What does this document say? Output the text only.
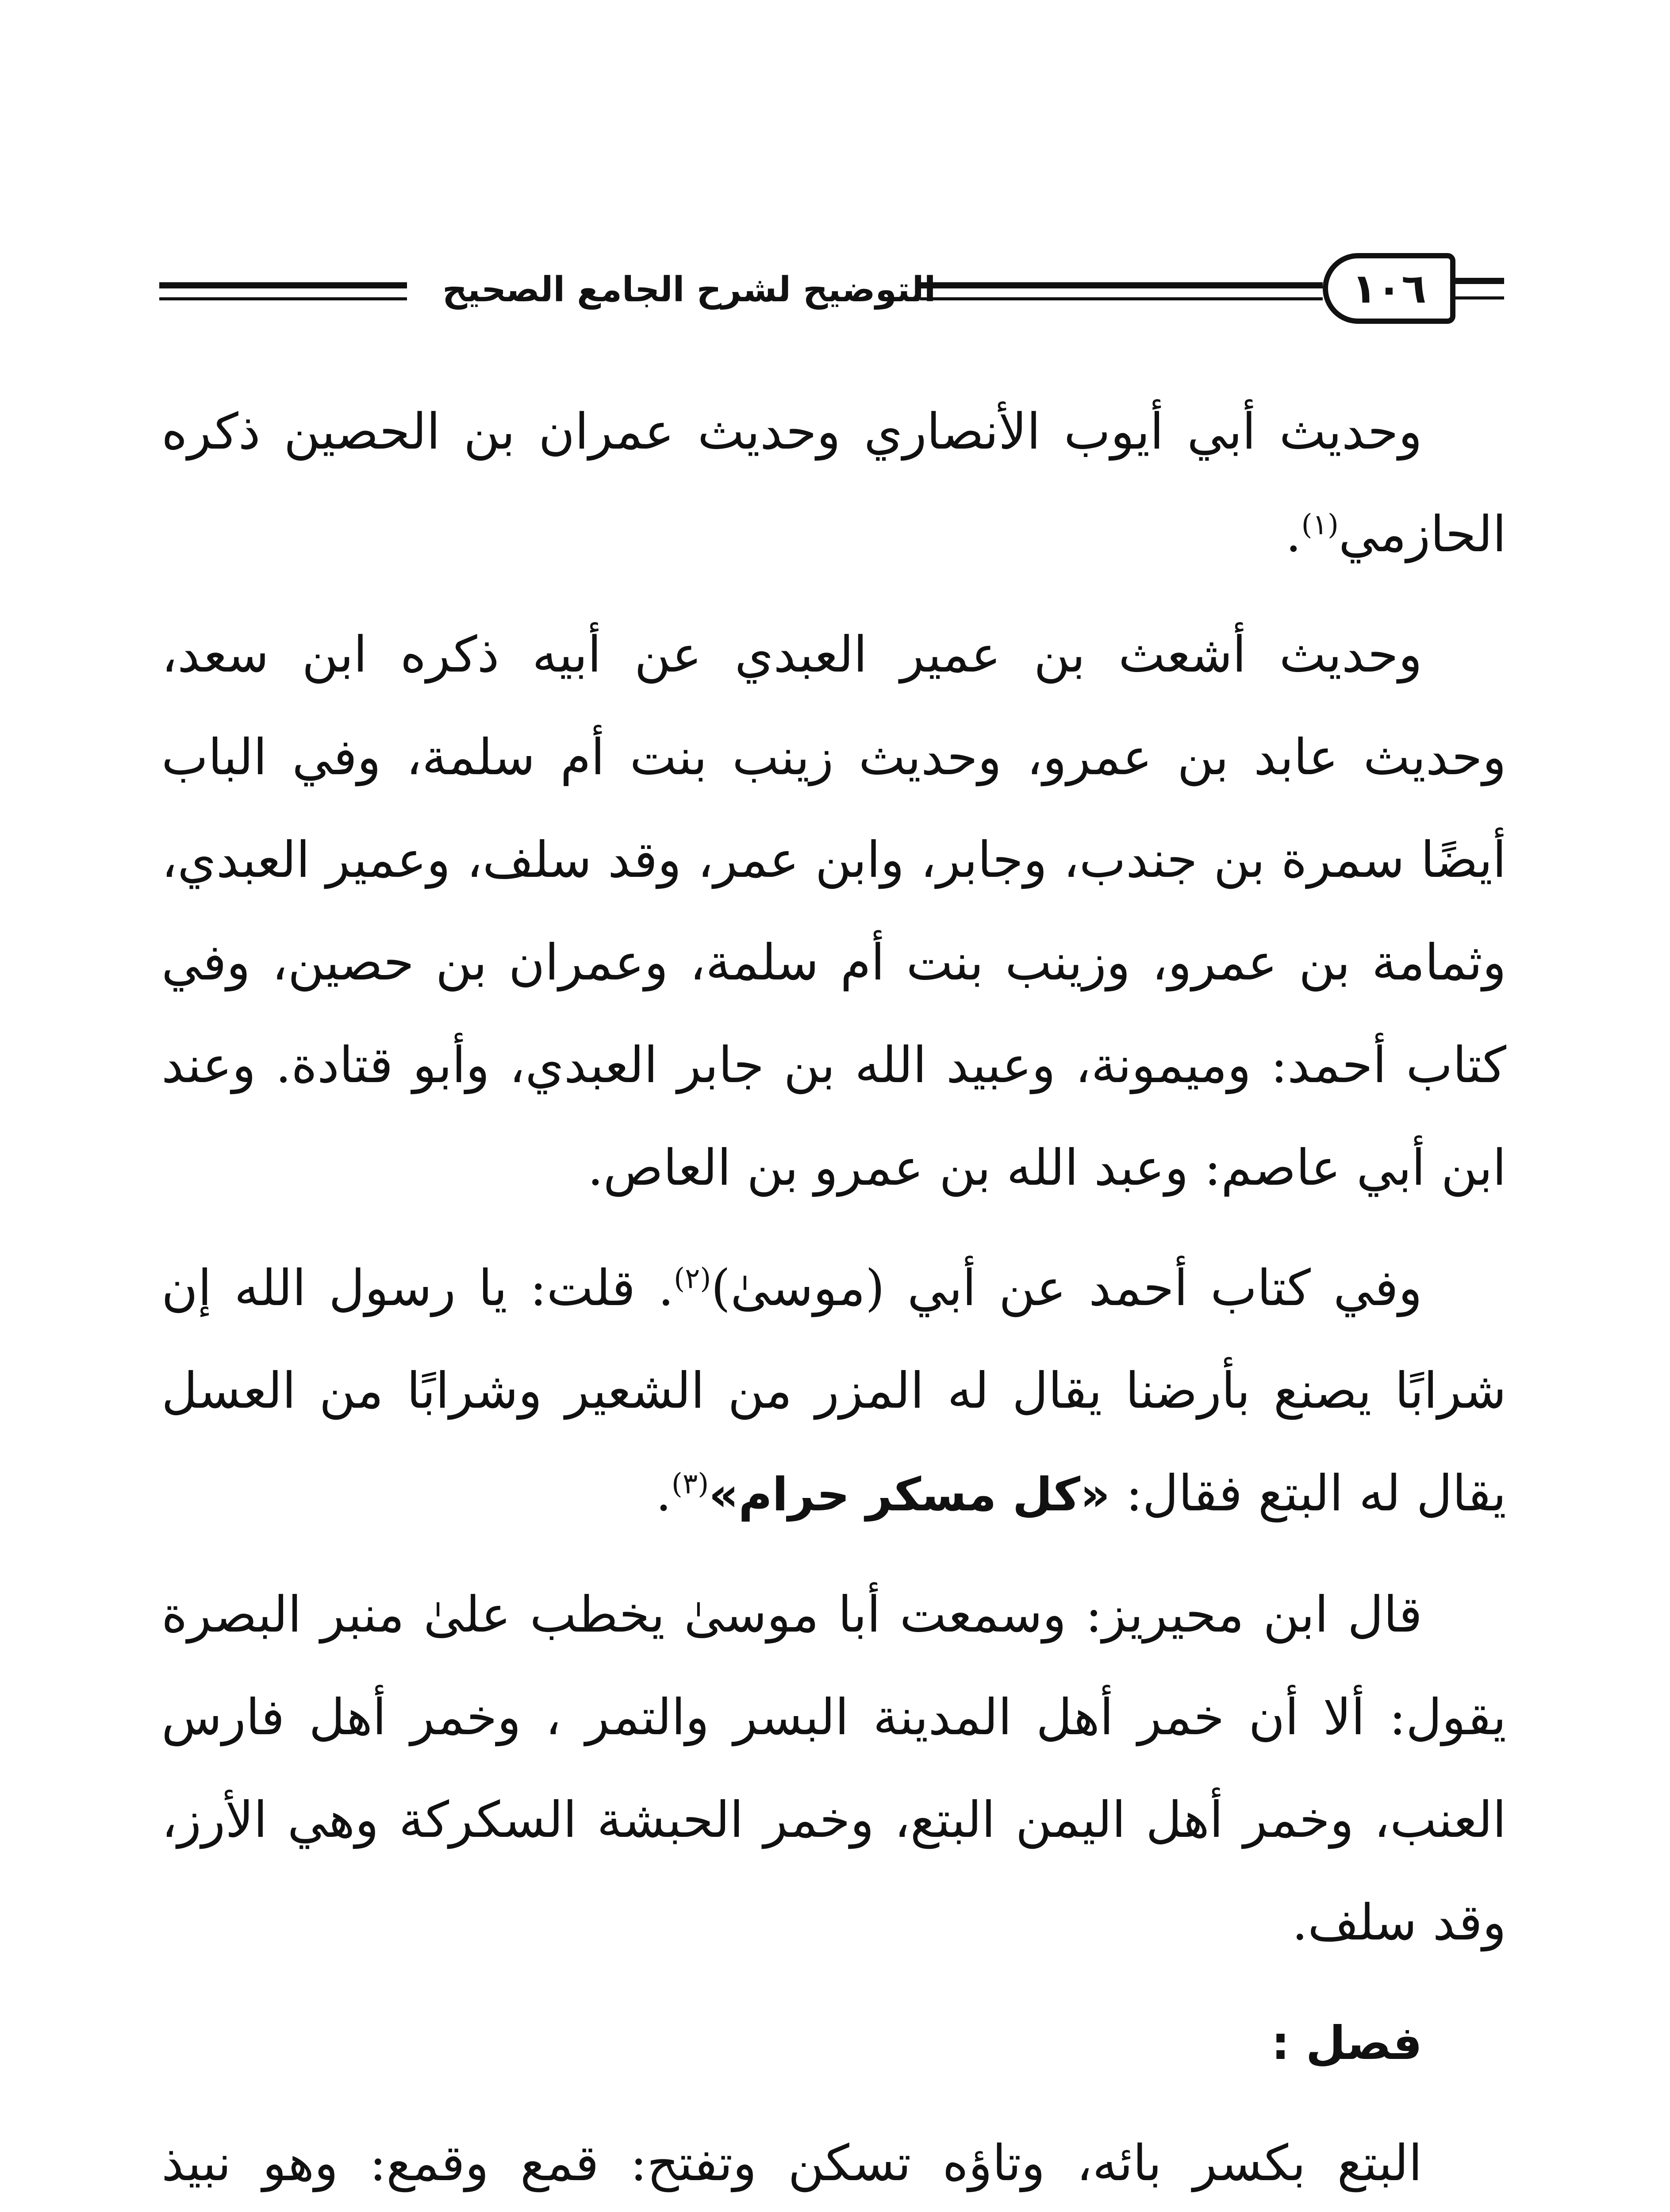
التوضيح لشرح الجامع الصحيح	١٠٦

وحديث أبي أيوب الأنصاري وحديث عمران بن الحصين ذكره الحازمي$^{(١)}$.

وحديث أشعث بن عمير العبدي عن أبيه ذكره ابن سعد، وحديث عابد بن عمرو، وحديث زينب بنت أم سلمة، وفي الباب أيضًا سمرة بن جندب، وجابر، وابن عمر، وقد سلف، وعمير العبدي، وثمامة بن عمرو، وزينب بنت أم سلمة، وعمران بن حصين، وفي كتاب أحمد: وميمونة، وعبيد الله بن جابر العبدي، وأبو قتادة. وعند ابن أبي عاصم: وعبد الله بن عمرو بن العاص.

وفي كتاب أحمد عن أبي (موسىٰ)$^{(٢)}$. قلت: يا رسول الله إن شرابًا يصنع بأرضنا يقال له المزر من الشعير وشرابًا من العسل يقال له البتع فقال: «كل مسكر حرام»$^{(٣)}$.

قال ابن محيريز: وسمعت أبا موسىٰ يخطب علىٰ منبر البصرة يقول: ألا أن خمر أهل المدينة البسر والتمر ، وخمر أهل فارس العنب، وخمر أهل اليمن البتع، وخمر الحبشة السكركة وهي الأرز، وقد سلف.

فصل :

البتع بكسر بائه، وتاؤه تسكن وتفتح: قمع وقمع: وهو نبيذ
